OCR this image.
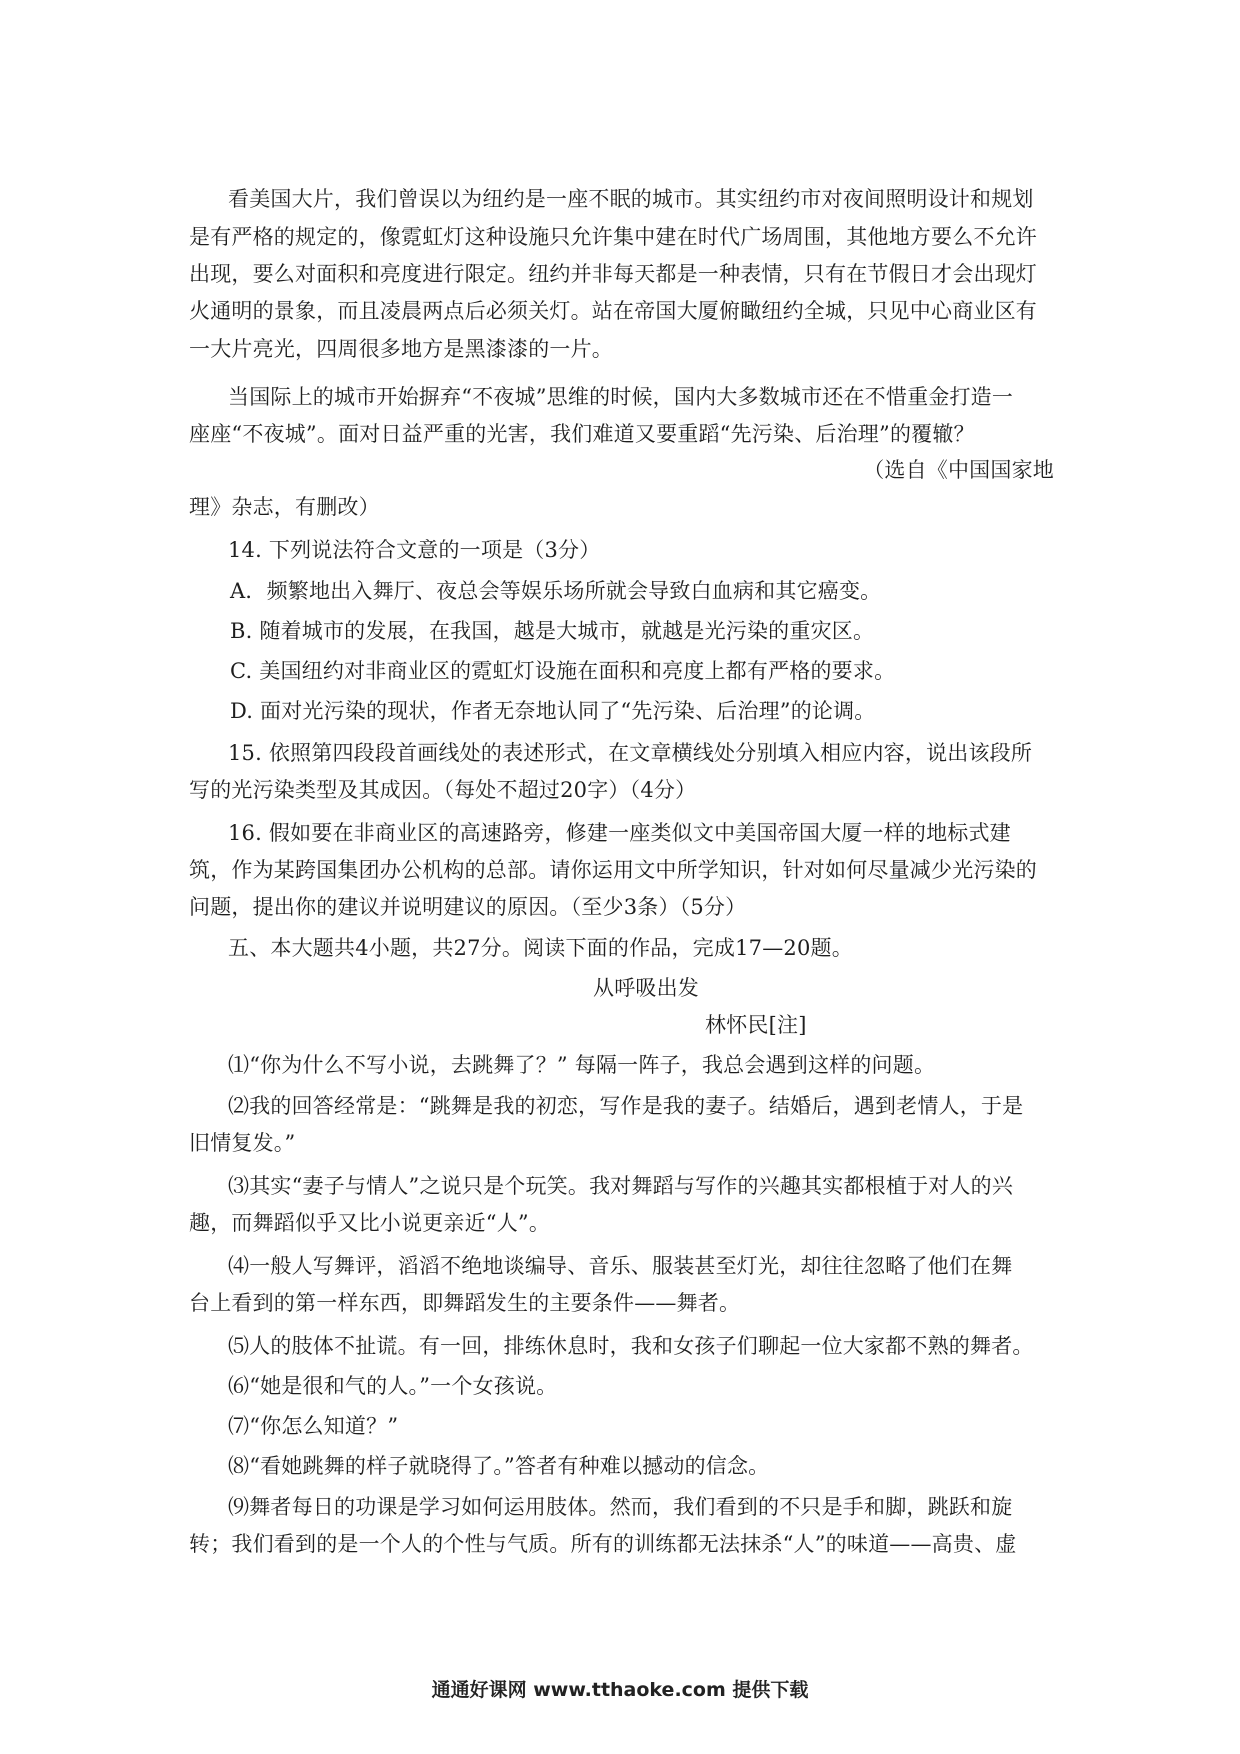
看美国大片，我们曾误以为纽约是一座不眠的城市。其实纽约市对夜间照明设计和规划
是有严格的规定的，像霓虹灯这种设施只允许集中建在时代广场周围，其他地方要么不允许
出现，要么对面积和亮度进行限定。纽约并非每天都是一种表情，只有在节假日才会出现灯
火通明的景象，而且凌晨两点后必须关灯。站在帝国大厦俯瞰纽约全城，只见中心商业区有
一大片亮光，四周很多地方是黑漆漆的一片。
当国际上的城市开始摒弃“不夜城”思维的时候，国内大多数城市还在不惜重金打造一
座座“不夜城”。面对日益严重的光害，我们难道又要重蹈“先污染、后治理”的覆辙？
（选自《中国国家地
理》杂志，有删改）
14. 下列说法符合文意的一项是（3分）
A．频繁地出入舞厅、夜总会等娱乐场所就会导致白血病和其它癌变。
B. 随着城市的发展，在我国，越是大城市，就越是光污染的重灾区。
C. 美国纽约对非商业区的霓虹灯设施在面积和亮度上都有严格的要求。
D. 面对光污染的现状，作者无奈地认同了“先污染、后治理”的论调。
15. 依照第四段段首画线处的表述形式，在文章横线处分别填入相应内容，说出该段所
写的光污染类型及其成因。（每处不超过20字）（4分）
16. 假如要在非商业区的高速路旁，修建一座类似文中美国帝国大厦一样的地标式建
筑，作为某跨国集团办公机构的总部。请你运用文中所学知识，针对如何尽量减少光污染的
问题，提出你的建议并说明建议的原因。（至少3条）（5分）
五、本大题共4小题，共27分。阅读下面的作品，完成17—20题。
从呼吸出发
林怀民[注]
⑴“你为什么不写小说，去跳舞了？” 每隔一阵子，我总会遇到这样的问题。
⑵我的回答经常是：“跳舞是我的初恋，写作是我的妻子。结婚后，遇到老情人，于是
旧情复发。”
⑶其实“妻子与情人”之说只是个玩笑。我对舞蹈与写作的兴趣其实都根植于对人的兴
趣，而舞蹈似乎又比小说更亲近“人”。
⑷一般人写舞评，滔滔不绝地谈编导、音乐、服装甚至灯光，却往往忽略了他们在舞
台上看到的第一样东西，即舞蹈发生的主要条件——舞者。
⑸人的肢体不扯谎。有一回，排练休息时，我和女孩子们聊起一位大家都不熟的舞者。
⑹“她是很和气的人。”一个女孩说。
⑺“你怎么知道？”
⑻“看她跳舞的样子就晓得了。”答者有种难以撼动的信念。
⑼舞者每日的功课是学习如何运用肢体。然而，我们看到的不只是手和脚，跳跃和旋
转；我们看到的是一个人的个性与气质。所有的训练都无法抹杀“人”的味道——高贵、虚
通通好课网 www.tthaoke.com 提供下载
